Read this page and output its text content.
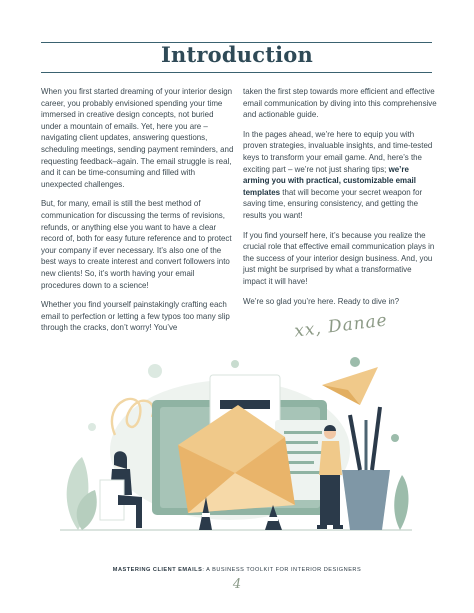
Introduction

When you first started dreaming of your interior design career, you probably envisioned spending your time immersed in creative design concepts, not buried under a mountain of emails. Yet, here you are – navigating client updates, answering questions, scheduling meetings, sending payment reminders, and requesting feedback–again. The email struggle is real, and it can be time-consuming and filled with unexpected challenges.

But, for many, email is still the best method of communication for discussing the terms of revisions, refunds, or anything else you want to have a clear record of, both for easy future reference and to protect your company if ever necessary. It’s also one of the best ways to create interest and convert followers into new clients! So, it’s worth having your email procedures down to a science!

Whether you find yourself painstakingly crafting each email to perfection or letting a few typos too many slip through the cracks, don’t worry! You’ve

taken the first step towards more efficient and effective email communication by diving into this comprehensive and actionable guide.

In the pages ahead, we’re here to equip you with proven strategies, invaluable insights, and time-tested keys to transform your email game. And, here’s the exciting part – we’re not just sharing tips; we’re arming you with practical, customizable email templates that will become your secret weapon for saving time, ensuring consistency, and getting the results you want!

If you find yourself here, it’s because you realize the crucial role that effective email communication plays in the success of your interior design business. And, you just might be surprised by what a transformative impact it will have!

We’re so glad you’re here. Ready to dive in?

xx, Danae
MASTERING CLIENT EMAILS: A BUSINESS TOOLKIT FOR INTERIOR DESIGNERS
4
